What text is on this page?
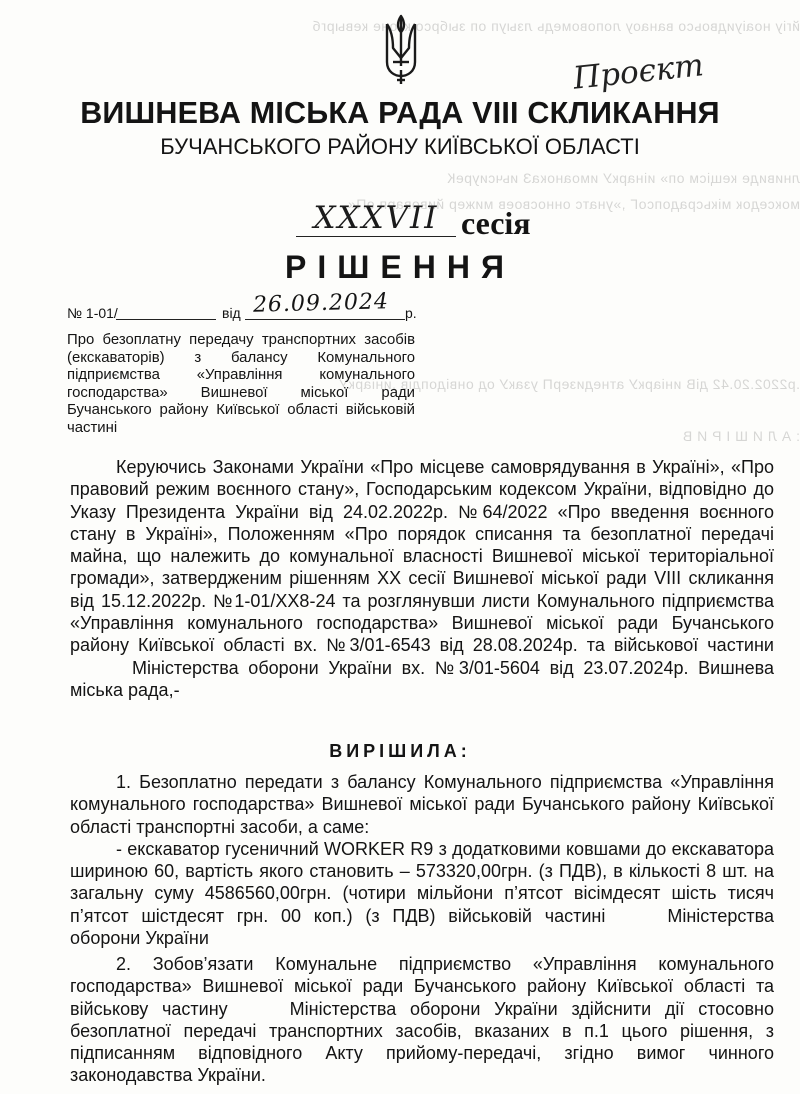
йгіу ноаіуидвоьсо ванаоу лоповомедь лзыуп оп зыбрсо ктоне кевыргб
лнивиде кещісм оп» иінаркУ имоанокаЗ иьчсиуреК
мокседок мікьсрадопсоГ ,»унатс онносвоев мижер йивоварп оП«
.р2202.20.42 діВ иніаркУ атнедизерП узакУ од онвідопдів ,иніаркУ
: А Л И Ш І Р И В
Проєкт
ВИШНЕВА МІСЬКА РАДА VIII СКЛИКАННЯ
БУЧАНСЬКОГО РАЙОНУ КИЇВСЬКОЇ ОБЛАСТІ
XXXVII сесія
РІШЕННЯ
№ 1-01/	від 26.09.2024 р.
Про безоплатну передачу транспортних засобів (екскаваторів) з балансу Комунального підприємства «Управління комунального господарства» Вишневої міської ради Бучанського району Київської області військовій частині

Керуючись Законами України «Про місцеве самоврядування в Україні», «Про правовий режим воєнного стану», Господарським кодексом України, відповідно до Указу Президента України від 24.02.2022р. №64/2022 «Про введення воєнного стану в Україні», Положенням «Про порядок списання та безоплатної передачі майна, що належить до комунальної власності Вишневої міської територіальної громади», затвердженим рішенням ХХ сесії Вишневої міської ради VIII скликання від 15.12.2022р. №1-01/ХХ8-24 та розглянувши листи Комунального підприємства «Управління комунального господарства» Вишневої міської ради Бучанського району Київської області вх. №3/01-6543 від 28.08.2024р. та військової частиниМіністерства оборони України вх. №3/01-5604 від 23.07.2024р. Вишнева міська рада,-

ВИРІШИЛА:

1. Безоплатно передати з балансу Комунального підприємства «Управління комунального господарства» Вишневої міської ради Бучанського району Київської області транспортні засоби, а саме:

- екскаватор гусеничний WORKER R9 з додатковими ковшами до екскаватора шириною 60, вартість якого становить – 573320,00грн. (з ПДВ), в кількості 8 шт. на загальну суму 4586560,00грн. (чотири мільйони п’ятсот вісімдесят шість тисяч п’ятсот шістдесят грн. 00 коп.) (з ПДВ) військовій частині	Міністерства оборони України

2. Зобов’язати Комунальне підприємство «Управління комунального господарства» Вишневої міської ради Бучанського району Київської області та військову частину	Міністерства оборони України здійснити дії стосовно безоплатної передачі транспортних засобів, вказаних в п.1 цього рішення, з підписанням відповідного Акту прийому-передачі, згідно вимог чинного законодавства України.
